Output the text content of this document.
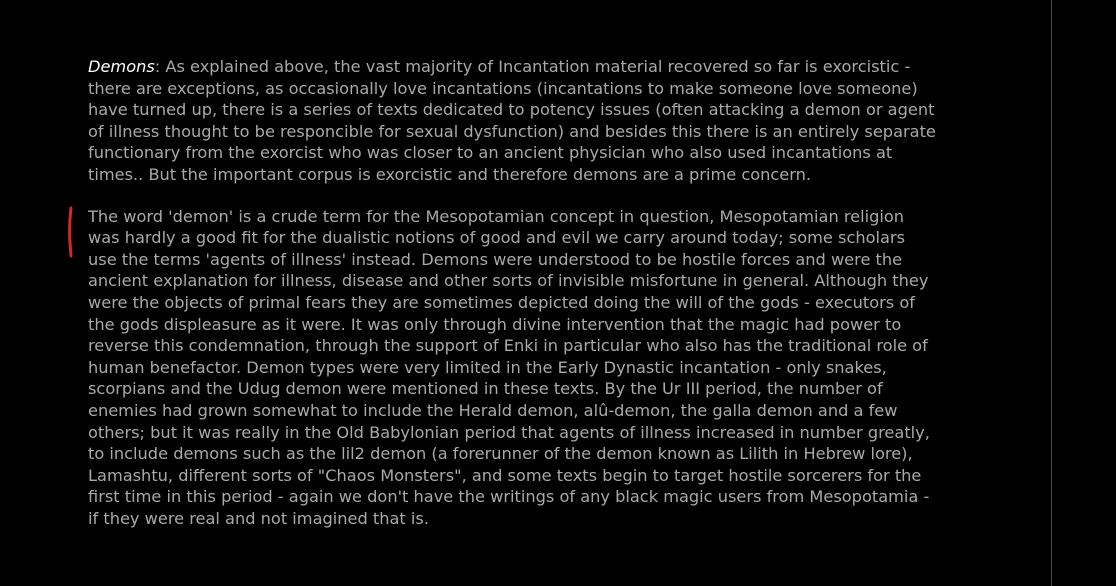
Demons: As explained above, the vast majority of Incantation material recovered so far is exorcistic -
there are exceptions, as occasionally love incantations (incantations to make someone love someone)
have turned up, there is a series of texts dedicated to potency issues (often attacking a demon or agent
of illness thought to be responcible for sexual dysfunction) and besides this there is an entirely separate
functionary from the exorcist who was closer to an ancient physician who also used incantations at
times.. But the important corpus is exorcistic and therefore demons are a prime concern.

The word 'demon' is a crude term for the Mesopotamian concept in question, Mesopotamian religion
was hardly a good fit for the dualistic notions of good and evil we carry around today; some scholars
use the terms 'agents of illness' instead. Demons were understood to be hostile forces and were the
ancient explanation for illness, disease and other sorts of invisible misfortune in general. Although they
were the objects of primal fears they are sometimes depicted doing the will of the gods - executors of
the gods displeasure as it were. It was only through divine intervention that the magic had power to
reverse this condemnation, through the support of Enki in particular who also has the traditional role of
human benefactor. Demon types were very limited in the Early Dynastic incantation - only snakes,
scorpians and the Udug demon were mentioned in these texts. By the Ur III period, the number of
enemies had grown somewhat to include the Herald demon, alû-demon, the galla demon and a few
others; but it was really in the Old Babylonian period that agents of illness increased in number greatly,
to include demons such as the lil2 demon (a forerunner of the demon known as Lilith in Hebrew lore),
Lamashtu, different sorts of "Chaos Monsters", and some texts begin to target hostile sorcerers for the
first time in this period - again we don't have the writings of any black magic users from Mesopotamia -
if they were real and not imagined that is.
